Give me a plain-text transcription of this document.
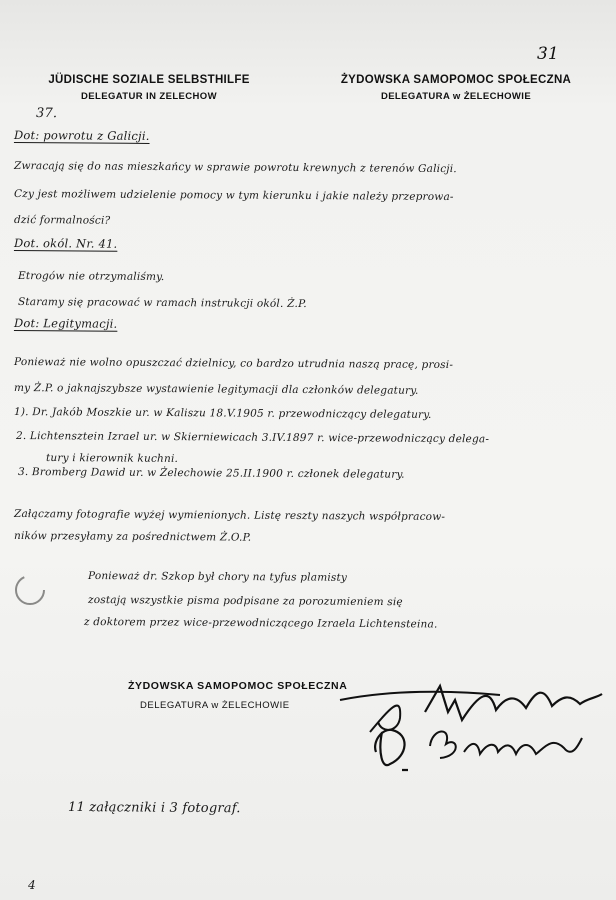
31
JÜDISCHE SOZIALE SELBSTHILFE
DELEGATUR IN ZELECHOW
ŻYDOWSKA SAMOPOMOC SPOŁECZNA
DELEGATURA w ŻELECHOWIE
37.
Dot: powrotu z Galicji.
Zwracają się do nas mieszkańcy w sprawie powrotu krewnych z terenów Galicji.
Czy jest możliwem udzielenie pomocy w tym kierunku i jakie należy przeprowa-
dzić formalności?
Dot. okól. Nr. 41.
Etrogów nie otrzymaliśmy.
Staramy się pracować w ramach instrukcji okól. Ż.P.
Dot: Legitymacji.
Ponieważ nie wolno opuszczać dzielnicy, co bardzo utrudnia naszą pracę, prosi-
my Ż.P. o jaknajszybsze wystawienie legitymacji dla członków delegatury.
1). Dr. Jakób Moszkie ur. w Kaliszu 18.V.1905 r. przewodniczący delegatury.
2. Lichtensztein Izrael ur. w Skierniewicach 3.IV.1897 r. wice-przewodniczący delega-
tury i kierownik kuchni.
3. Bromberg Dawid ur. w Żelechowie 25.II.1900 r. członek delegatury.
Załączamy fotografie wyżej wymienionych. Listę reszty naszych współpracow-
ników przesyłamy za pośrednictwem Ż.O.P.
Ponieważ dr. Szkop był chory na tyfus plamisty
zostają wszystkie pisma podpisane za porozumieniem się
z doktorem przez wice-przewodniczącego Izraela Lichtensteina.
ŻYDOWSKA SAMOPOMOC SPOŁECZNA
DELEGATURA w ŻELECHOWIE
11 załączniki i 3 fotograf.
4
